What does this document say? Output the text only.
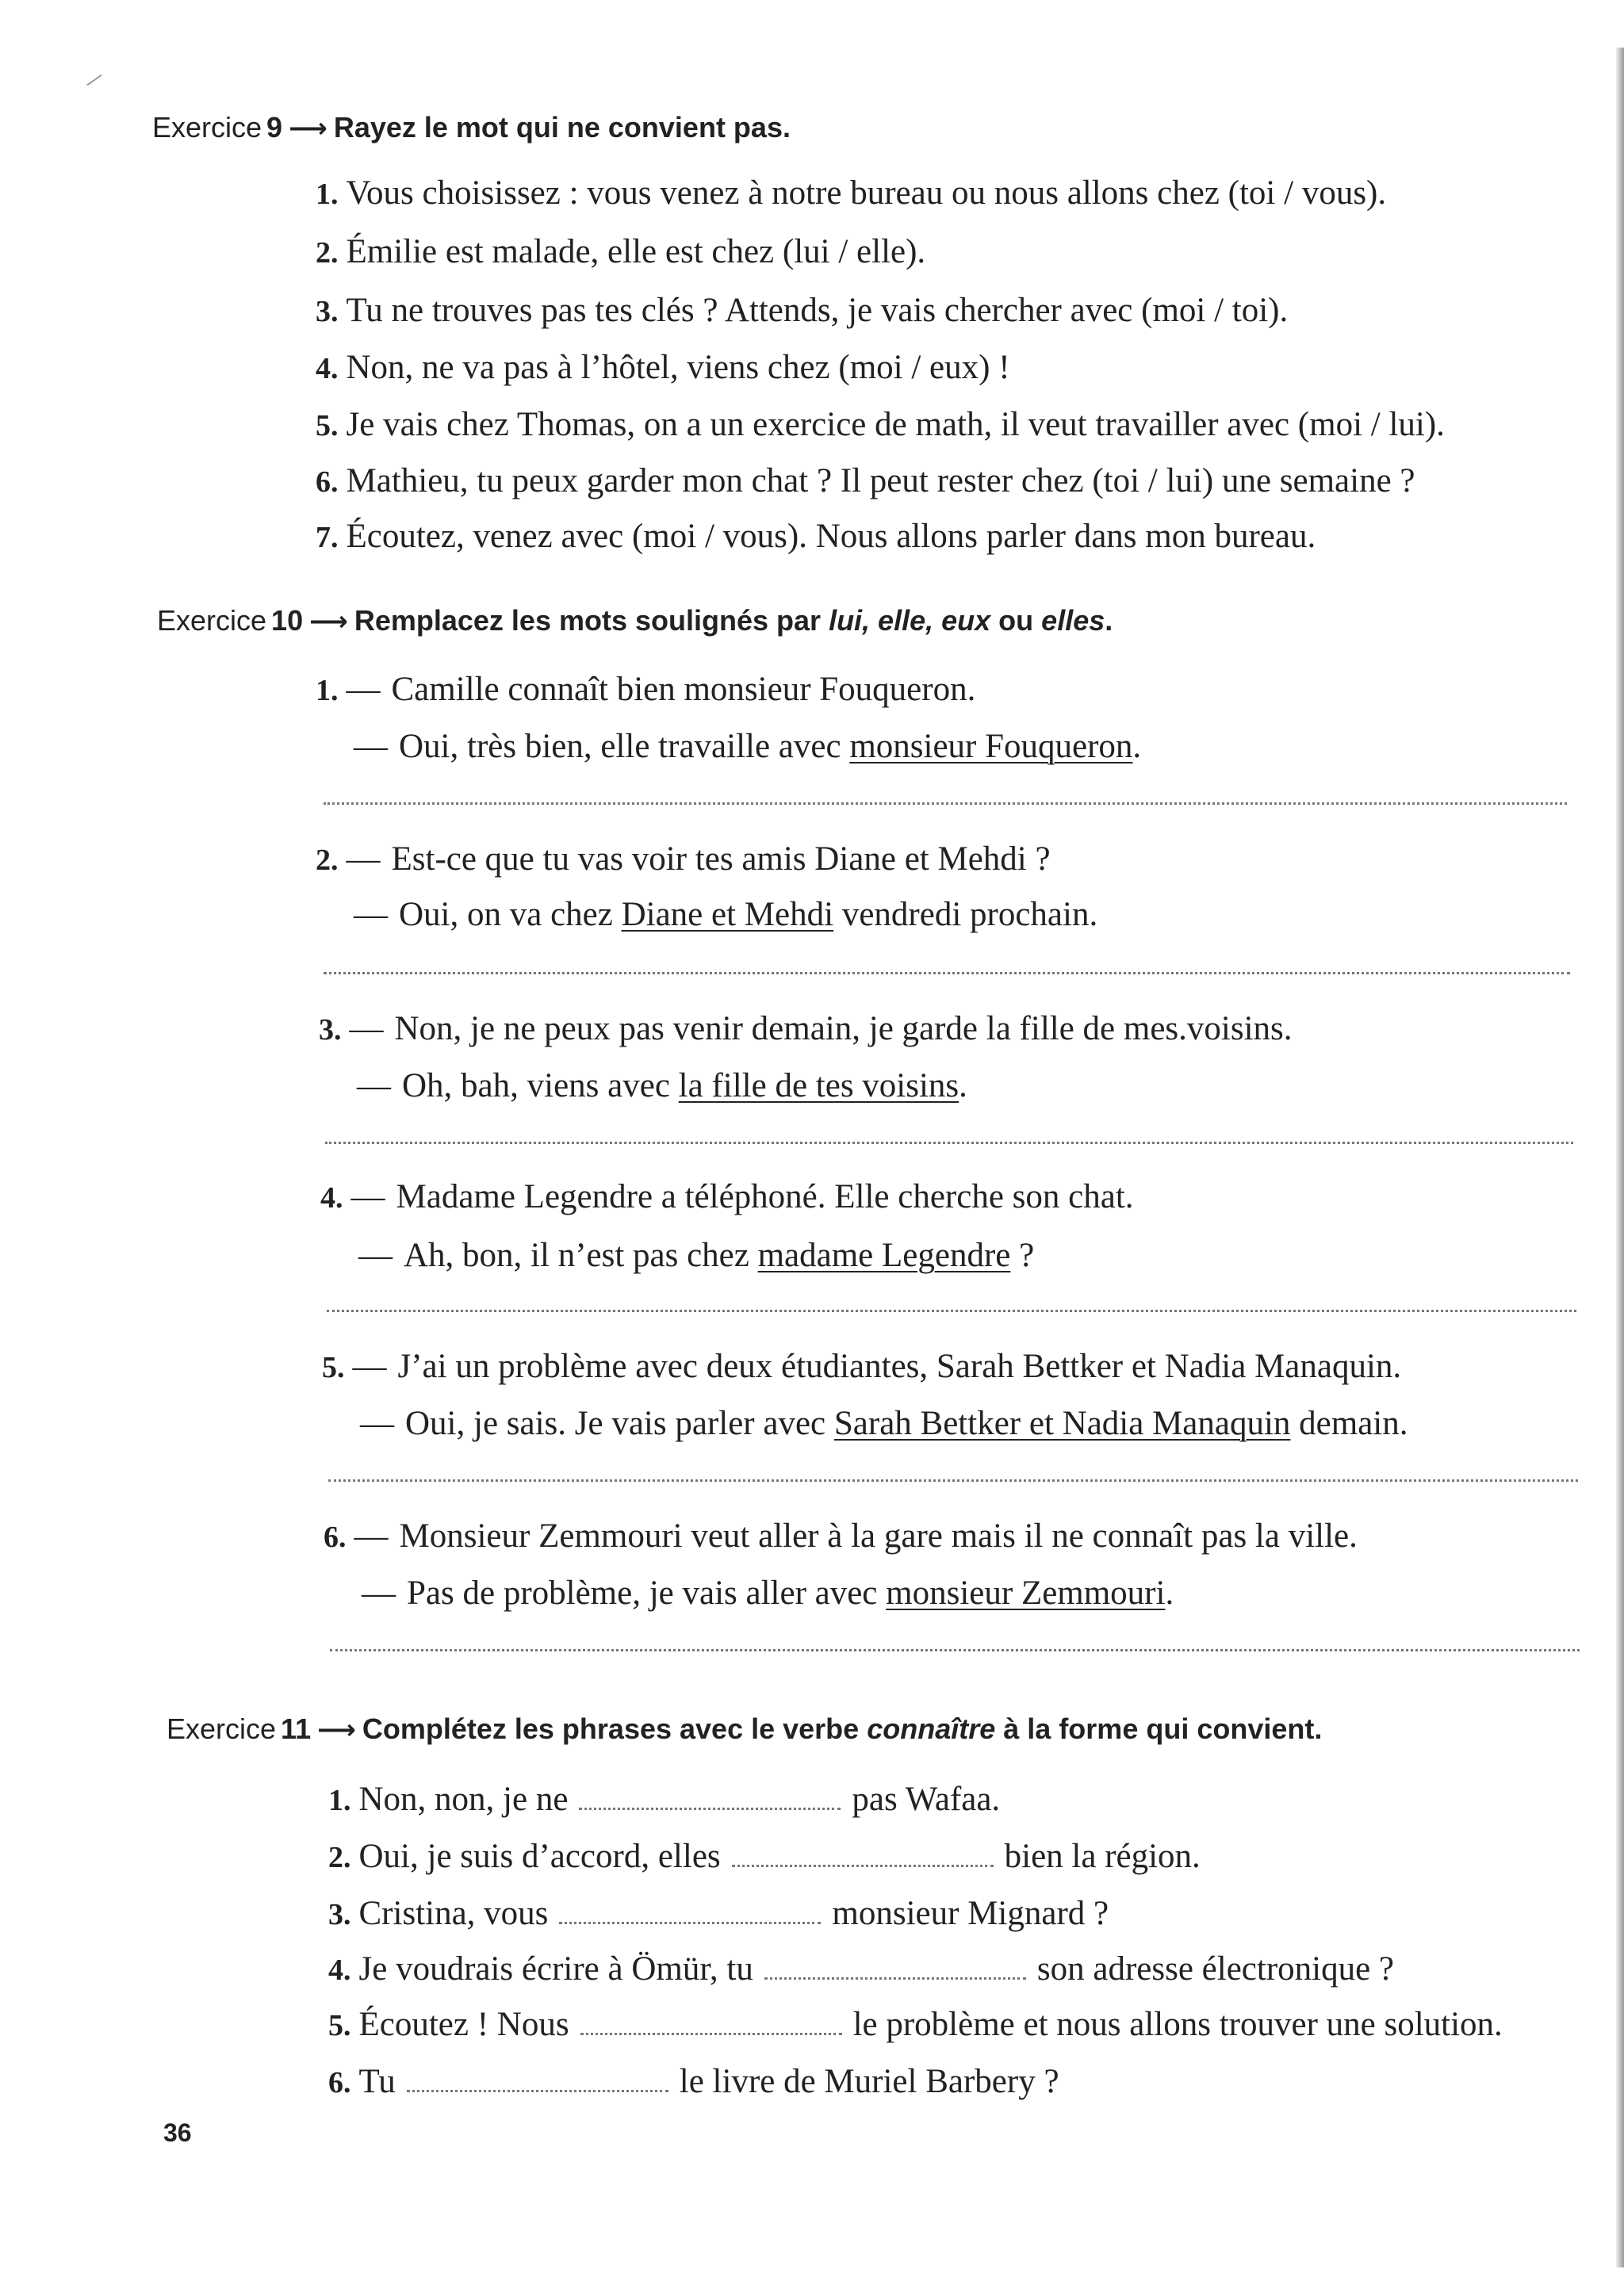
Exercice 9 ⟶ Rayez le mot qui ne convient pas.
1. Vous choisissez : vous venez à notre bureau ou nous allons chez (toi / vous).
2. Émilie est malade, elle est chez (lui / elle).
3. Tu ne trouves pas tes clés ? Attends, je vais chercher avec (moi / toi).
4. Non, ne va pas à l’hôtel, viens chez (moi / eux) !
5. Je vais chez Thomas, on a un exercice de math, il veut travailler avec (moi / lui).
6. Mathieu, tu peux garder mon chat ? Il peut rester chez (toi / lui) une semaine ?
7. Écoutez, venez avec (moi / vous). Nous allons parler dans mon bureau.
Exercice 10 ⟶ Remplacez les mots soulignés par lui, elle, eux ou elles.
1. — Camille connaît bien monsieur Fouqueron.
— Oui, très bien, elle travaille avec monsieur Fouqueron.
2. — Est-ce que tu vas voir tes amis Diane et Mehdi ?
— Oui, on va chez Diane et Mehdi vendredi prochain.
3. — Non, je ne peux pas venir demain, je garde la fille de mes.voisins.
— Oh, bah, viens avec la fille de tes voisins.
4. — Madame Legendre a téléphoné. Elle cherche son chat.
— Ah, bon, il n’est pas chez madame Legendre ?
5. — J’ai un problème avec deux étudiantes, Sarah Bettker et Nadia Manaquin.
— Oui, je sais. Je vais parler avec Sarah Bettker et Nadia Manaquin demain.
6. — Monsieur Zemmouri veut aller à la gare mais il ne connaît pas la ville.
— Pas de problème, je vais aller avec monsieur Zemmouri.
Exercice 11 ⟶ Complétez les phrases avec le verbe connaître à la forme qui convient.
1. Non, non, je ne	pas Wafaa.
2. Oui, je suis d’accord, elles	bien la région.
3. Cristina, vous	monsieur Mignard ?
4. Je voudrais écrire à Ömür, tu	son adresse électronique ?
5. Écoutez ! Nous	le problème et nous allons trouver une solution.
6. Tu	le livre de Muriel Barbery ?
36
